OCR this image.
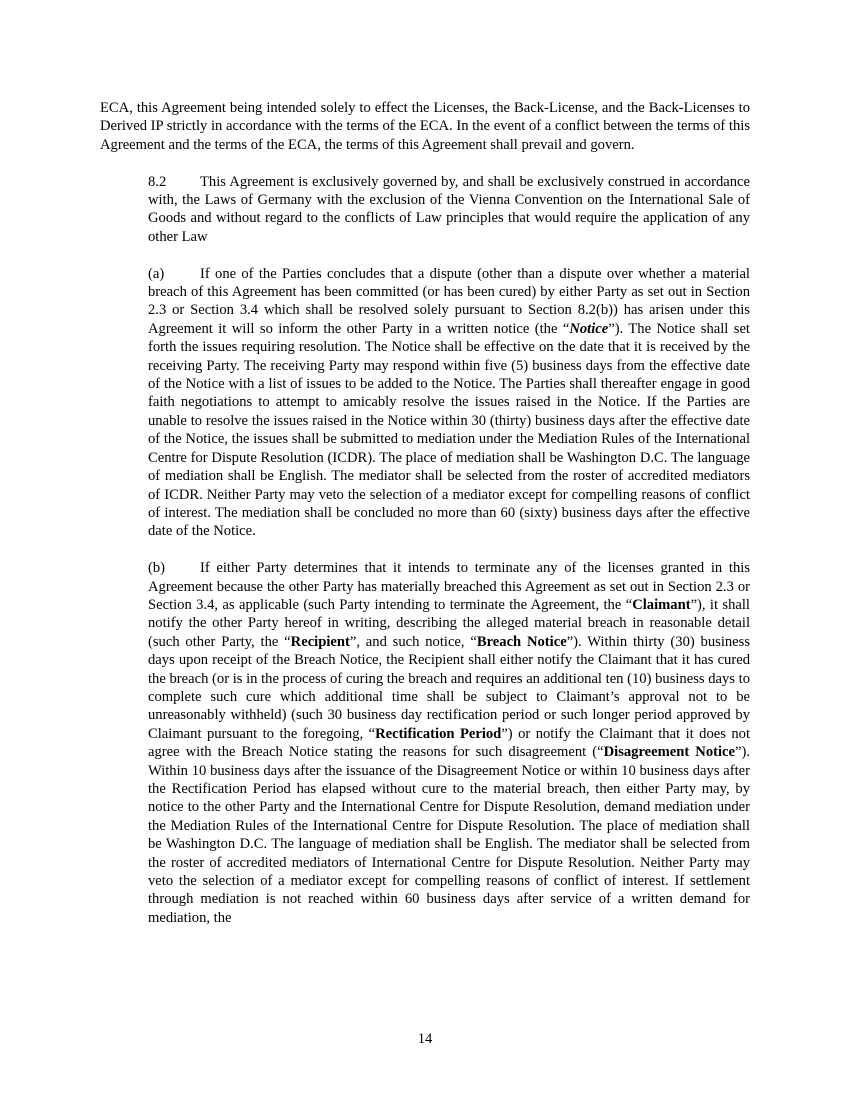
ECA, this Agreement being intended solely to effect the Licenses, the Back-License, and the Back-Licenses to Derived IP strictly in accordance with the terms of the ECA. In the event of a conflict between the terms of this Agreement and the terms of the ECA, the terms of this Agreement shall prevail and govern.

8.2 This Agreement is exclusively governed by, and shall be exclusively construed in accordance with, the Laws of Germany with the exclusion of the Vienna Convention on the International Sale of Goods and without regard to the conflicts of Law principles that would require the application of any other Law

(a) If one of the Parties concludes that a dispute (other than a dispute over whether a material breach of this Agreement has been committed (or has been cured) by either Party as set out in Section 2.3 or Section 3.4 which shall be resolved solely pursuant to Section 8.2(b)) has arisen under this Agreement it will so inform the other Party in a written notice (the “Notice”). The Notice shall set forth the issues requiring resolution. The Notice shall be effective on the date that it is received by the receiving Party. The receiving Party may respond within five (5) business days from the effective date of the Notice with a list of issues to be added to the Notice. The Parties shall thereafter engage in good faith negotiations to attempt to amicably resolve the issues raised in the Notice. If the Parties are unable to resolve the issues raised in the Notice within 30 (thirty) business days after the effective date of the Notice, the issues shall be submitted to mediation under the Mediation Rules of the International Centre for Dispute Resolution (ICDR). The place of mediation shall be Washington D.C. The language of mediation shall be English. The mediator shall be selected from the roster of accredited mediators of ICDR. Neither Party may veto the selection of a mediator except for compelling reasons of conflict of interest. The mediation shall be concluded no more than 60 (sixty) business days after the effective date of the Notice.

(b) If either Party determines that it intends to terminate any of the licenses granted in this Agreement because the other Party has materially breached this Agreement as set out in Section 2.3 or Section 3.4, as applicable (such Party intending to terminate the Agreement, the “Claimant”), it shall notify the other Party hereof in writing, describing the alleged material breach in reasonable detail (such other Party, the “Recipient”, and such notice, “Breach Notice”). Within thirty (30) business days upon receipt of the Breach Notice, the Recipient shall either notify the Claimant that it has cured the breach (or is in the process of curing the breach and requires an additional ten (10) business days to complete such cure which additional time shall be subject to Claimant’s approval not to be unreasonably withheld) (such 30 business day rectification period or such longer period approved by Claimant pursuant to the foregoing, “Rectification Period”) or notify the Claimant that it does not agree with the Breach Notice stating the reasons for such disagreement (“Disagreement Notice”). Within 10 business days after the issuance of the Disagreement Notice or within 10 business days after the Rectification Period has elapsed without cure to the material breach, then either Party may, by notice to the other Party and the International Centre for Dispute Resolution, demand mediation under the Mediation Rules of the International Centre for Dispute Resolution. The place of mediation shall be Washington D.C. The language of mediation shall be English. The mediator shall be selected from the roster of accredited mediators of International Centre for Dispute Resolution. Neither Party may veto the selection of a mediator except for compelling reasons of conflict of interest. If settlement through mediation is not reached within 60 business days after service of a written demand for mediation, the

14
